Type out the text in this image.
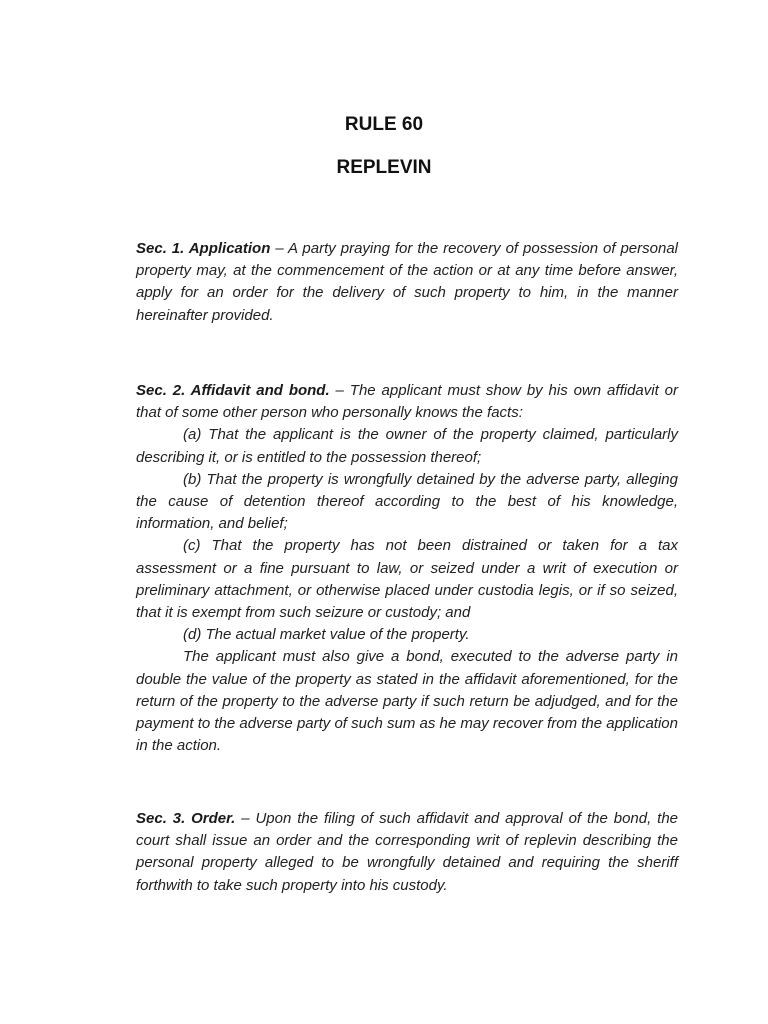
RULE 60
REPLEVIN

Sec. 1. Application – A party praying for the recovery of possession of personal property may, at the commencement of the action or at any time before answer, apply for an order for the delivery of such property to him, in the manner hereinafter provided.

Sec. 2. Affidavit and bond. – The applicant must show by his own affidavit or that of some other person who personally knows the facts:

(a) That the applicant is the owner of the property claimed, particularly describing it, or is entitled to the possession thereof;

(b) That the property is wrongfully detained by the adverse party, alleging the cause of detention thereof according to the best of his knowledge, information, and belief;

(c) That the property has not been distrained or taken for a tax assessment or a fine pursuant to law, or seized under a writ of execution or preliminary attachment, or otherwise placed under custodia legis, or if so seized, that it is exempt from such seizure or custody; and

(d) The actual market value of the property.

The applicant must also give a bond, executed to the adverse party in double the value of the property as stated in the affidavit aforementioned, for the return of the property to the adverse party if such return be adjudged, and for the payment to the adverse party of such sum as he may recover from the application in the action.

Sec. 3. Order. – Upon the filing of such affidavit and approval of the bond, the court shall issue an order and the corresponding writ of replevin describing the personal property alleged to be wrongfully detained and requiring the sheriff forthwith to take such property into his custody.
